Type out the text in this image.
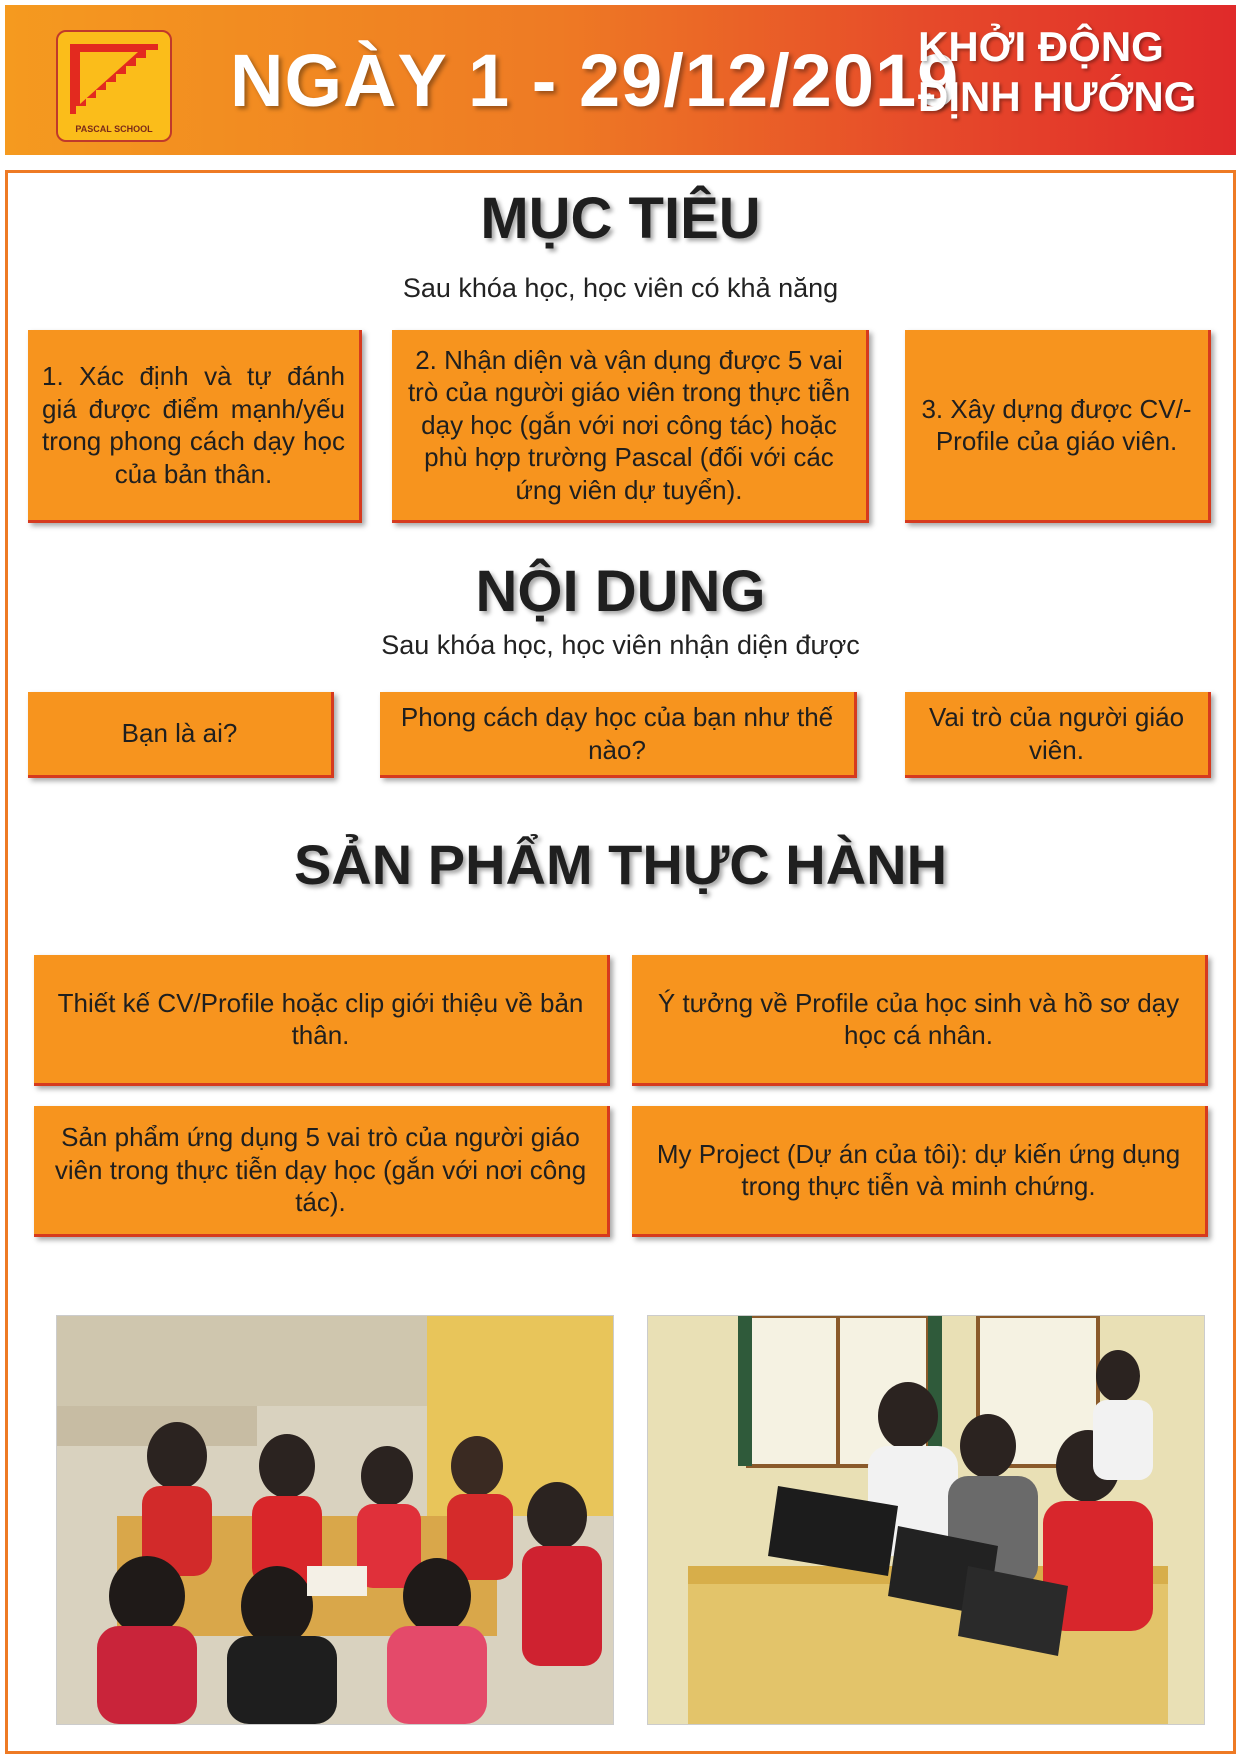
PASCAL SCHOOL
NGÀY 1 - 29/12/2019
KHỞI ĐỘNG
ĐỊNH HƯỚNG
MỤC TIÊU
Sau khóa học, học viên có khả năng
1. Xác định và tự đánh giá được điểm mạnh/yếu trong phong cách dạy học của bản thân.
2. Nhận diện và vận dụng được 5 vai trò của người giáo viên trong thực tiễn dạy học (gắn với nơi công tác) hoặc phù hợp trường Pascal (đối với các ứng viên dự tuyển).
3. Xây dựng được CV/-Profile của giáo viên.
NỘI DUNG
Sau khóa học, học viên nhận diện được
Bạn là ai?
Phong cách dạy học của bạn như thế nào?
Vai trò của người giáo viên.
SẢN PHẨM THỰC HÀNH
Thiết kế CV/Profile hoặc clip giới thiệu về bản thân.
Ý tưởng về Profile của học sinh và hồ sơ dạy học cá nhân.
Sản phẩm ứng dụng 5 vai trò của người giáo viên trong thực tiễn dạy học (gắn với nơi công tác).
My Project (Dự án của tôi): dự kiến ứng dụng trong thực tiễn và minh chứng.
